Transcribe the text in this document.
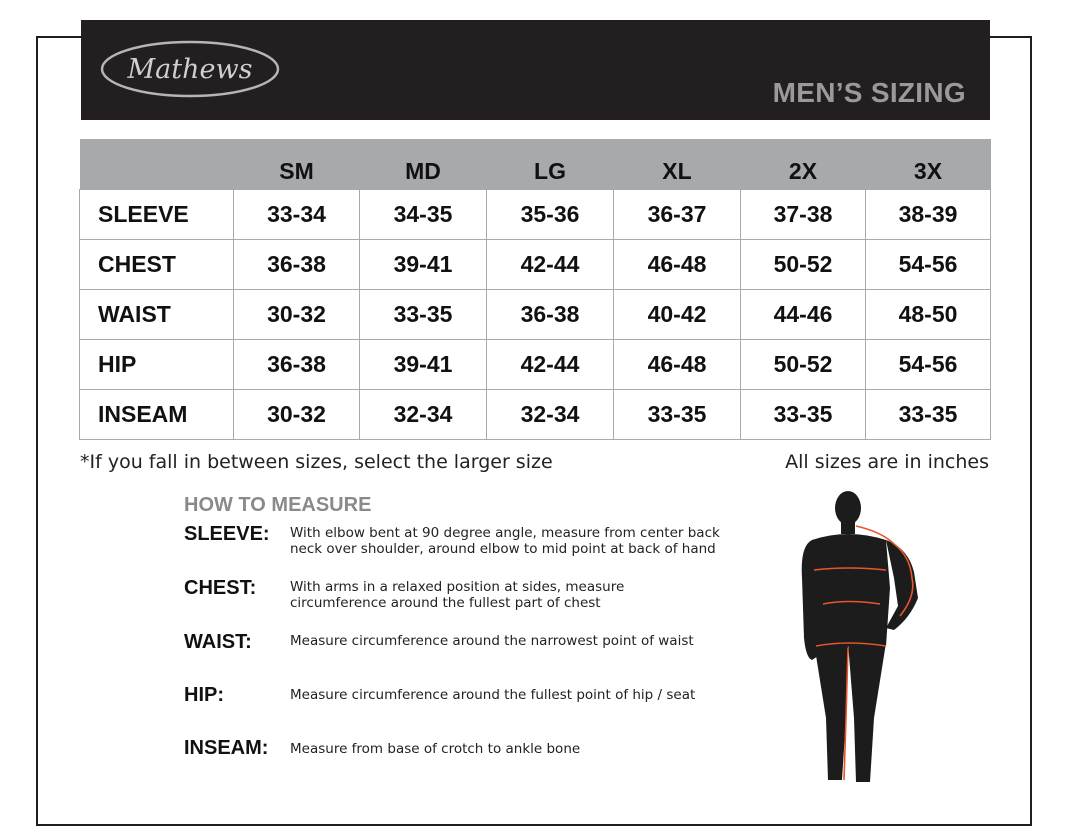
Mathews
MEN’S SIZING
	SM	MD	LG	XL	2X	3X
SLEEVE	33-34	34-35	35-36	36-37	37-38	38-39
CHEST	36-38	39-41	42-44	46-48	50-52	54-56
WAIST	30-32	33-35	36-38	40-42	44-46	48-50
HIP	36-38	39-41	42-44	46-48	50-52	54-56
INSEAM	30-32	32-34	32-34	33-35	33-35	33-35
*If you fall in between sizes, select the larger size	All sizes are in inches
HOW TO MEASURE
SLEEVE: With elbow bent at 90 degree angle, measure from center back neck over shoulder, around elbow to mid point at back of hand
CHEST:	With arms in a relaxed position at sides, measure circumference around the fullest part of chest
WAIST:	Measure circumference around the narrowest point of waist
HIP:	Measure circumference around the fullest point of hip / seat
INSEAM: Measure from base of crotch to ankle bone
